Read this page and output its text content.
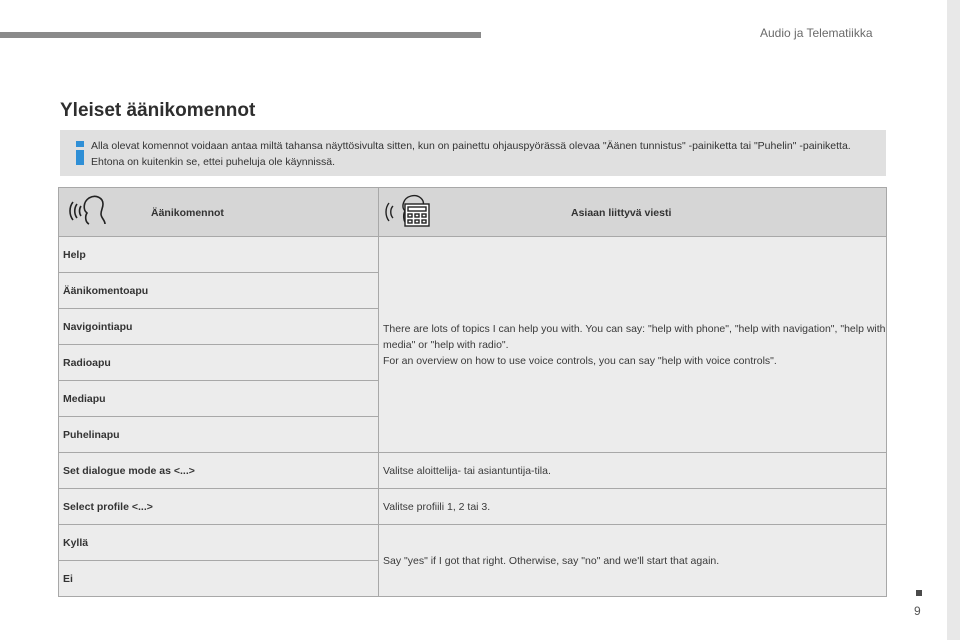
Audio ja Telematiikka
9
Yleiset äänikomennot
Alla olevat komennot voidaan antaa miltä tahansa näyttösivulta sitten, kun on painettu ohjauspyörässä olevaa "Äänen tunnistus" -painiketta tai "Puhelin" -painiketta. Ehtona on kuitenkin se, ettei puheluja ole käynnissä.
Äänikomennot	Asiaan liittyvä viesti

Help	There are lots of topics I can help you with. You can say: "help with phone", "help with navigation", "help with media" or "help with radio".
For an overview on how to use voice controls, you can say "help with voice controls".

Äänikomentoapu	
Navigointiapu	
Radioapu	
Mediapu	
Puhelinapu	
Set dialogue mode as <...>	Valitse aloittelija- tai asiantuntija-tila.
Select profile <...>	Valitse profiili 1, 2 tai 3.
Kyllä	Say "yes" if I got that right. Otherwise, say "no" and we'll start that again.
Ei	
